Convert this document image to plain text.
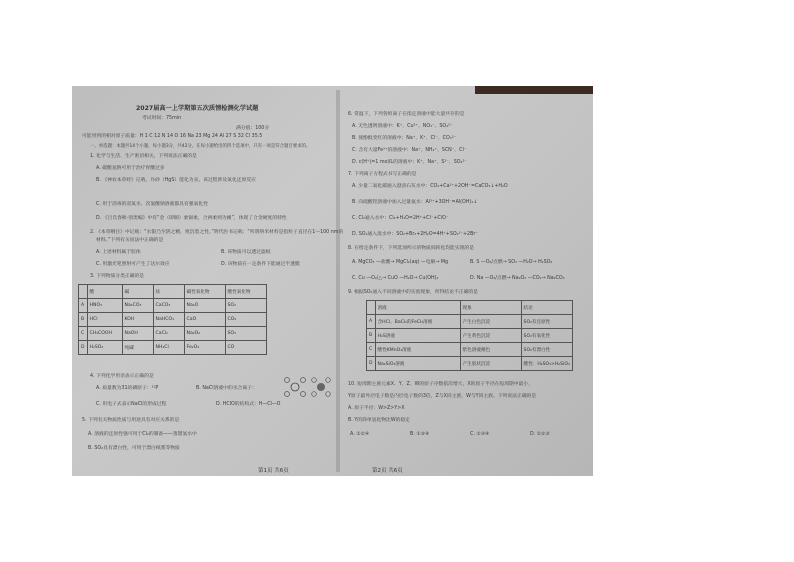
2027届高一上学期第五次质情检测化学试题
考试时间：75min
满分值：100分
可能用到的相对原子质量：H 1 C 12 N 14 O 16 Na 23 Mg 24 Al 27 S 32 Cl 35.5
一、单选题：本题共14个小题，每小题3分，共42分。在每小题给出的四个选项中，只有一项是符合题目要求的。
1. 化学与生活、生产密切相关，下列说法正确的是
A. 碳酸氢钠可用于治疗胃酸过多
B. 《神农本草经》记载，丹砂（HgS）能化为汞，该过程涉及氧化还原反应
C. 用于消毒的双氧水、次氯酸钠溶液都具有强氧化性
D. 《吕氏春秋·别类编》中有“金（即铜）柔锡柔，合两柔则为刚”，体现了合金硬度的特性
2. 《本草纲目》中记载：“水银乃至阴之精，禀沉着之性。”明代医书记载：“所谓纳米材料是指粒子直径在1～100 nm的
材料。”下列有关说法中正确的是
A. 上述材料属于胶体	B. 该物质可以透过滤纸
C. 用激光笔照射可产生丁达尔效应	D. 该物质在一定条件下能通过半透膜
3. 下列物质分类正确的是
	酸	碱	盐	碱性氧化物	酸性氧化物
A	HNO₃	Na₂CO₃	CaCO₃	Na₂O	SO₂
B	HCl	KOH	NaHCO₃	CaO	CO₂
C	CH₃COOH	NaOH	CaCl₂	Na₂O₂	SO₃
D	H₂SO₄	纯碱	NH₄Cl	Fe₂O₃	CO
4. 下列化学用语表示正确的是
A. 质量数为31的磷原子：³¹P	B. NaCl溶液中的水合离子：
C. 用电子式表示NaCl的形成过程	D. HClO的结构式：H—Cl—O
5. 下列有关物质性质与用途具有对应关系的是
A. 溶液的还原性强可用于Cl₂的制备——蒸馏氯水中
B. SO₂具有漂白性，可用于漂白纸浆等物质
6. 常温下，下列各组离子在指定溶液中能大量共存的是
A. 无色透明溶液中：K⁺、Cu²⁺、NO₃⁻、SO₄²⁻
B. 使酚酞变红的溶液中：Na⁺、K⁺、Cl⁻、CO₃²⁻
C. 含有大量Fe³⁺的溶液中：Na⁺、NH₄⁺、SCN⁻、Cl⁻
D. c(H⁺)=1 mol/L的溶液中：K⁺、Na⁺、S²⁻、SO₄²⁻
7. 下列离子方程式书写正确的是
A. 少量二氧化碳通入澄清石灰水中：CO₂+Ca²⁺+2OH⁻=CaCO₃↓+H₂O
B. 向硫酸铝溶液中加入过量氨水：Al³⁺+3OH⁻=Al(OH)₃↓
C. Cl₂通入水中：Cl₂+H₂O=2H⁺+Cl⁻+ClO⁻
D. SO₂通入溴水中：SO₂+Br₂+2H₂O=4H⁺+SO₄²⁻+2Br⁻
8. 在给定条件下，下列选项所示的物质间转化均能实现的是
A. MgCO₃ —盐酸→ MgCl₂(aq) —电解→ Mg	B. S —O₂/点燃→ SO₃ —H₂O→ H₂SO₄
C. Cu —O₂/△→ CuO —H₂O→ Cu(OH)₂	D. Na —O₂/点燃→ Na₂O₂ —CO₂→ Na₂CO₃
9. 根据SO₂通入不同溶液中的实验现象，所得结论不正确的是
	溶液	现象	结论
A	含HCl、BaCl₂的FeCl₃溶液	产生白色沉淀	SO₂有还原性
B	H₂S溶液	产生黄色沉淀	SO₂有氧化性
C	酸性KMnO₄溶液	紫色溶液褪色	SO₂有漂白性
D	Na₂SiO₃溶液	产生胶状沉淀	酸性：H₂SO₃>H₂SiO₃
10. 短周期主族元素X、Y、Z、W的原子序数依次增大，X的原子半径在短周期中最小，
Y原子最外层电子数是内层电子数的3倍，Z与X同主族，W与Y同主族。下列说法正确的是
A. 原子半径：W>Z>Y>X
B. Y的简单氢化物比W的稳定
A. ①②④	B. ①③④	C. ②③④	D. ①②③
第1页 共6页	第2页 共6页
